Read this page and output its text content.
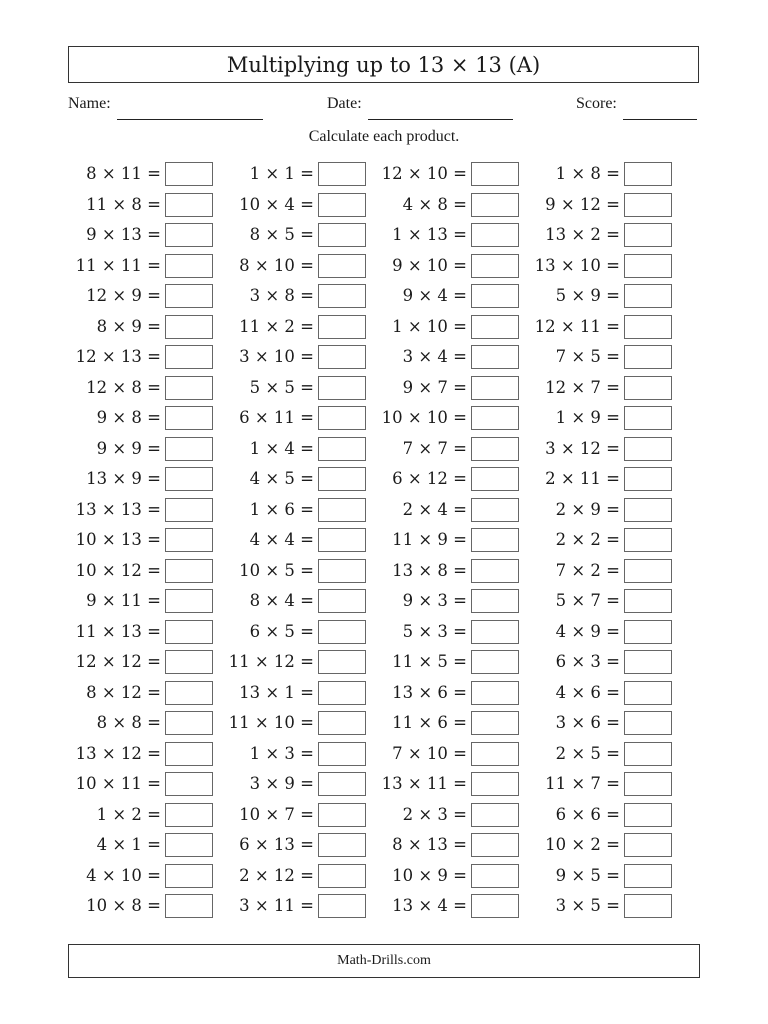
Multiplying up to 13 × 13 (A)
Name:	Date:	Score:
Calculate each product.
8 × 11 =	1 × 1 =	12 × 10 =	1 × 8 =
11 × 8 =	10 × 4 =	4 × 8 =	9 × 12 =
9 × 13 =	8 × 5 =	1 × 13 =	13 × 2 =
11 × 11 =	8 × 10 =	9 × 10 =	13 × 10 =
12 × 9 =	3 × 8 =	9 × 4 =	5 × 9 =
8 × 9 =	11 × 2 =	1 × 10 =	12 × 11 =
12 × 13 =	3 × 10 =	3 × 4 =	7 × 5 =
12 × 8 =	5 × 5 =	9 × 7 =	12 × 7 =
9 × 8 =	6 × 11 =	10 × 10 =	1 × 9 =
9 × 9 =	1 × 4 =	7 × 7 =	3 × 12 =
13 × 9 =	4 × 5 =	6 × 12 =	2 × 11 =
13 × 13 =	1 × 6 =	2 × 4 =	2 × 9 =
10 × 13 =	4 × 4 =	11 × 9 =	2 × 2 =
10 × 12 =	10 × 5 =	13 × 8 =	7 × 2 =
9 × 11 =	8 × 4 =	9 × 3 =	5 × 7 =
11 × 13 =	6 × 5 =	5 × 3 =	4 × 9 =
12 × 12 =	11 × 12 =	11 × 5 =	6 × 3 =
8 × 12 =	13 × 1 =	13 × 6 =	4 × 6 =
8 × 8 =	11 × 10 =	11 × 6 =	3 × 6 =
13 × 12 =	1 × 3 =	7 × 10 =	2 × 5 =
10 × 11 =	3 × 9 =	13 × 11 =	11 × 7 =
1 × 2 =	10 × 7 =	2 × 3 =	6 × 6 =
4 × 1 =	6 × 13 =	8 × 13 =	10 × 2 =
4 × 10 =	2 × 12 =	10 × 9 =	9 × 5 =
10 × 8 =	3 × 11 =	13 × 4 =	3 × 5 =
Math-Drills.com
